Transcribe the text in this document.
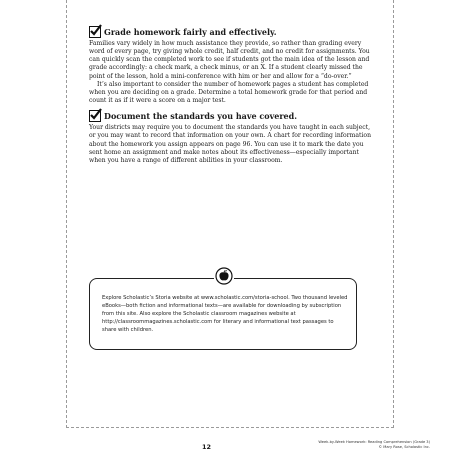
Grade homework fairly and effectively.

Families vary widely in how much assistance they provide, so rather than grading every word of every page, try giving whole credit, half credit, and no credit for assignments. You can quickly scan the completed work to see if students got the main idea of the lesson and grade accordingly: a check mark, a check minus, or an X. If a student clearly missed the point of the lesson, hold a mini-conference with him or her and allow for a “do-over.”

It’s also important to consider the number of homework pages a student has completed when you are deciding on a grade. Determine a total homework grade for that period and count it as if it were a score on a major test.

Document the standards you have covered.

Your districts may require you to document the standards you have taught in each subject, or you may want to record that information on your own. A chart for recording information about the homework you assign appears on page 96. You can use it to mark the date you sent home an assignment and make notes about its effectiveness—especially important when you have a range of different abilities in your classroom.

Explore Scholastic’s Storia website at www.scholastic.com/storia-school. Two thousand leveled eBooks—both fiction and informational texts—are available for downloading by subscription from this site. Also explore the Scholastic classroom magazines website at http://classroommagazines.scholastic.com for literary and informational text passages to share with children.
12
Week-by-Week Homework: Reading Comprehension (Grade 3)
© Mary Rose, Scholastic Inc.
